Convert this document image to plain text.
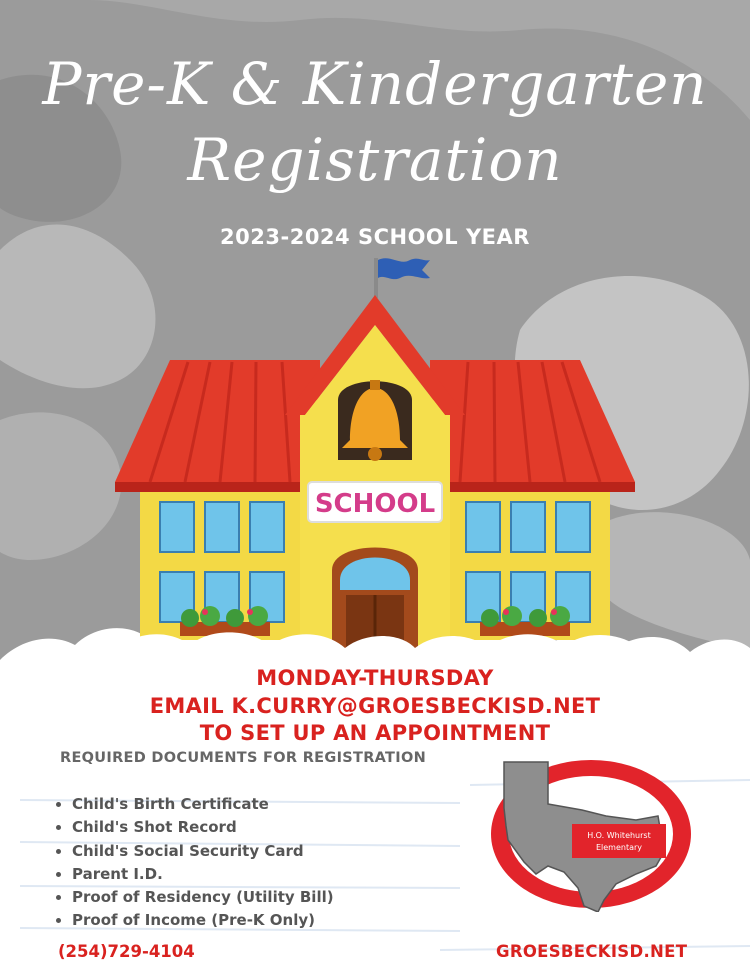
Pre-K & Kindergarten
Registration
2023-2024 SCHOOL YEAR
SCHOOL
MONDAY-THURSDAY
EMAIL K.CURRY@GROESBECKISD.NET
TO SET UP AN APPOINTMENT
REQUIRED DOCUMENTS FOR REGISTRATION
• Child's Birth Certificate
• Child's Shot Record
• Child's Social Security Card
• Parent I.D.
• Proof of Residency (Utility Bill)
• Proof of Income (Pre-K Only)
H.O. Whitehurst
Elementary
(254)729-4104	GROESBECKISD.NET
